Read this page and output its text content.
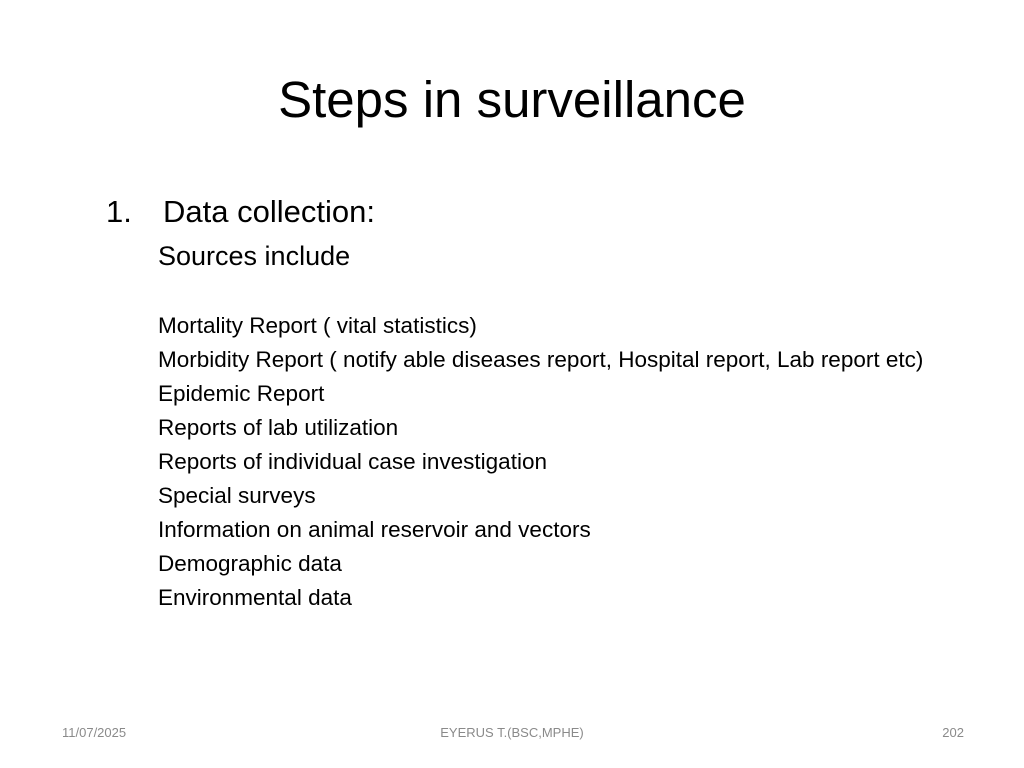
Steps in surveillance
1. Data collection:
Sources include
Mortality Report ( vital statistics)
Morbidity Report ( notify able diseases report, Hospital report, Lab report etc)
Epidemic Report
Reports of lab utilization
Reports of individual case investigation
Special surveys
Information on animal reservoir and vectors
Demographic data
Environmental data
11/07/2025	EYERUS T.(BSC,MPHE)	202
